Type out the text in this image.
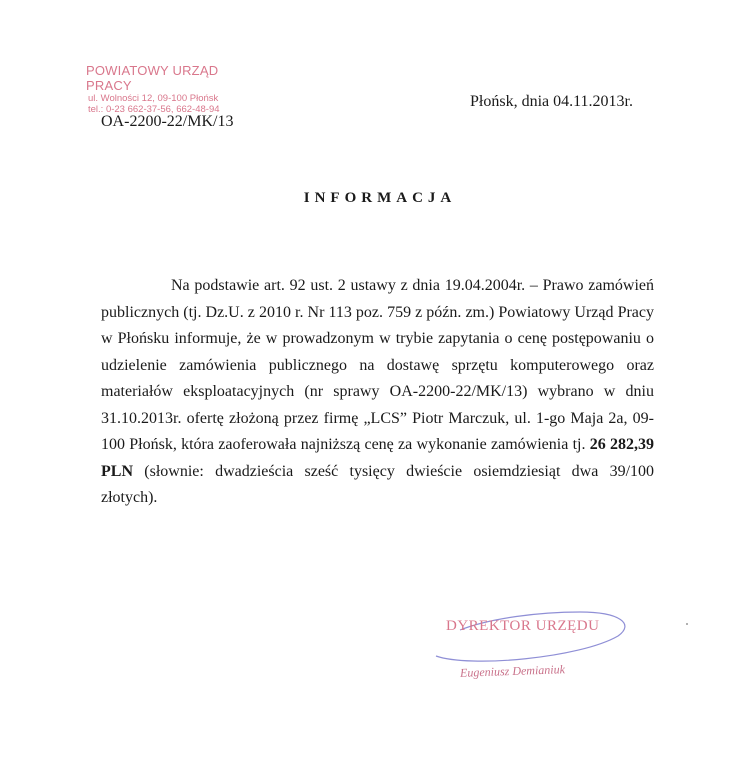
POWIATOWY URZĄD PRACY
ul. Wolności 12, 09-100 Płońsk
tel.: 0-23 662-37-56, 662-48-94
OA-2200-22/MK/13
Płońsk, dnia 04.11.2013r.
INFORMACJA

Na podstawie art. 92 ust. 2 ustawy z dnia 19.04.2004r. – Prawo zamówień publicznych (tj. Dz.U. z 2010 r. Nr 113 poz. 759 z późn. zm.) Powiatowy Urząd Pracy w Płońsku informuje, że w prowadzonym w trybie zapytania o cenę postępowaniu o udzielenie zamówienia publicznego na dostawę sprzętu komputerowego oraz materiałów eksploatacyjnych (nr sprawy OA-2200-22/MK/13) wybrano w dniu 31.10.2013r. ofertę złożoną przez firmę „LCS” Piotr Marczuk, ul. 1-go Maja 2a, 09-100 Płońsk, która zaoferowała najniższą cenę za wykonanie zamówienia tj. 26 282,39 PLN (słownie: dwadzieścia sześć tysięcy dwieście osiemdziesiąt dwa 39/100 złotych).

DYREKTOR URZĘDU
Eugeniusz Demianiuk
